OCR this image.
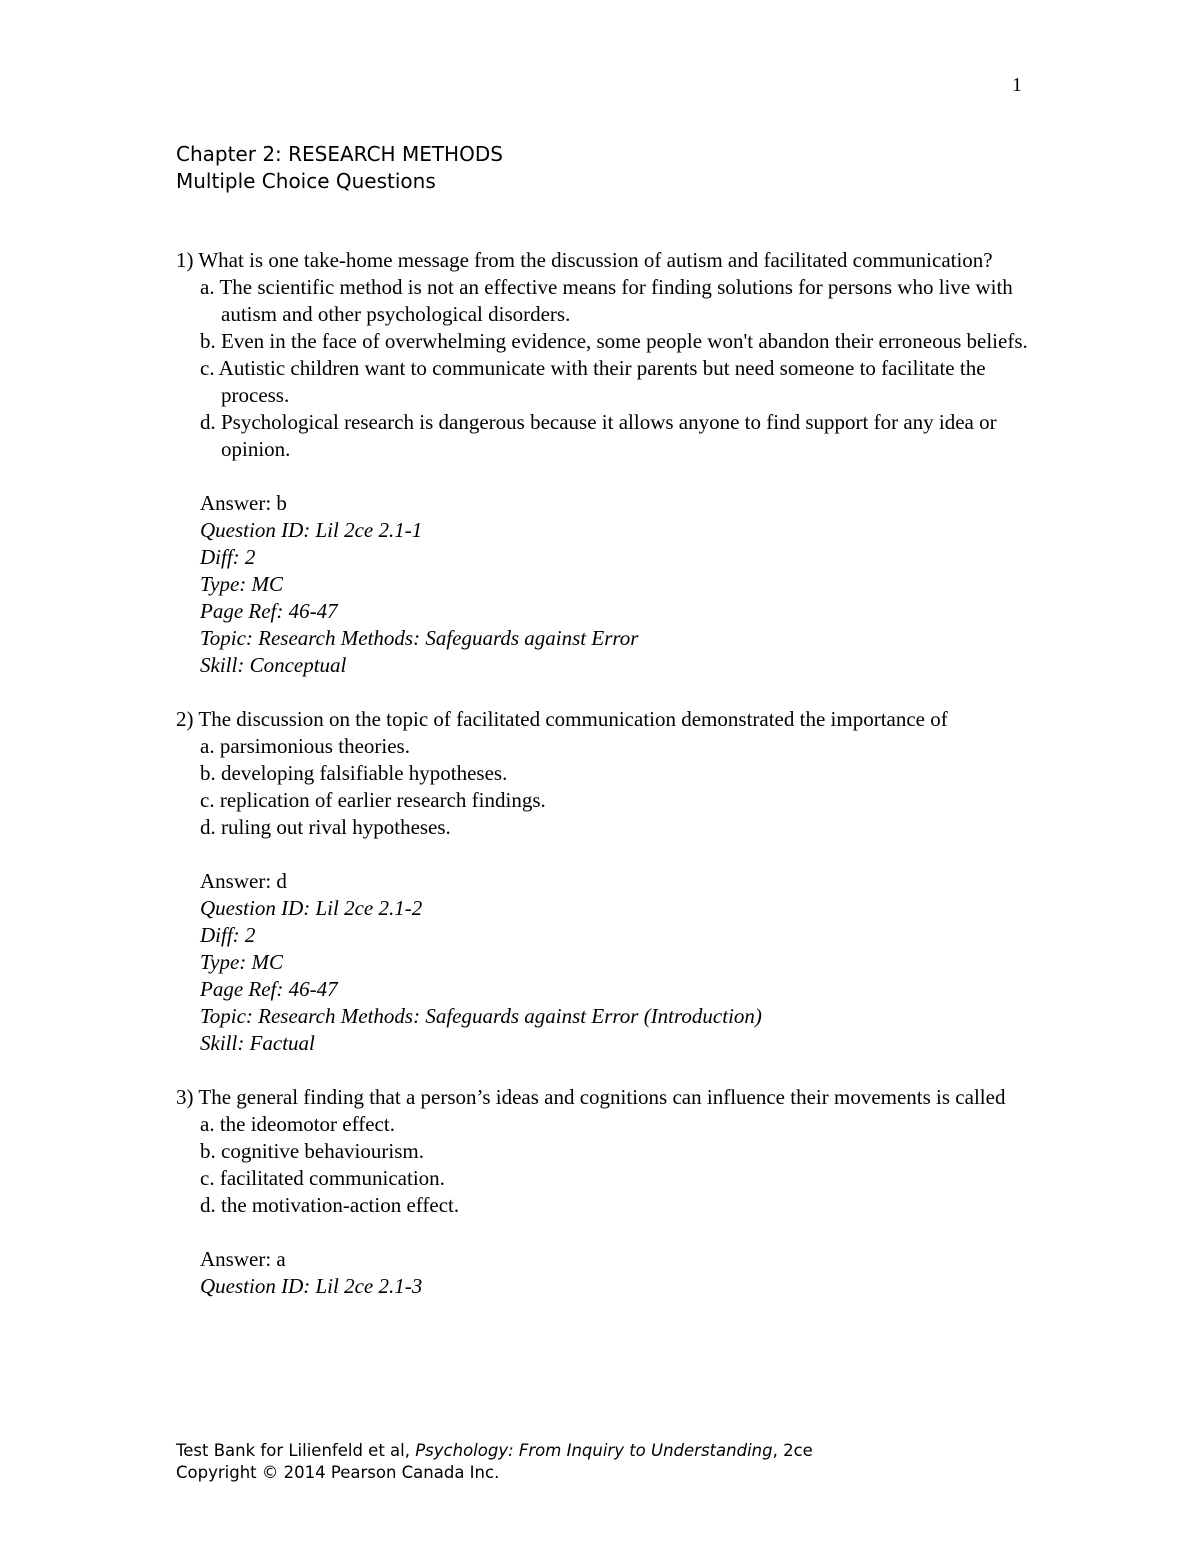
1
Chapter 2: RESEARCH METHODS
Multiple Choice Questions
1) What is one take-home message from the discussion of autism and facilitated communication?
a. The scientific method is not an effective means for finding solutions for persons who live with autism and other psychological disorders.
b. Even in the face of overwhelming evidence, some people won't abandon their erroneous beliefs.
c. Autistic children want to communicate with their parents but need someone to facilitate the process.
d. Psychological research is dangerous because it allows anyone to find support for any idea or opinion.
Answer: b
Question ID: Lil 2ce 2.1-1
Diff: 2
Type: MC
Page Ref: 46-47
Topic: Research Methods: Safeguards against Error
Skill: Conceptual
2) The discussion on the topic of facilitated communication demonstrated the importance of
a. parsimonious theories.
b. developing falsifiable hypotheses.
c. replication of earlier research findings.
d. ruling out rival hypotheses.
Answer: d
Question ID: Lil 2ce 2.1-2
Diff: 2
Type: MC
Page Ref: 46-47
Topic: Research Methods: Safeguards against Error (Introduction)
Skill: Factual
3) The general finding that a person’s ideas and cognitions can influence their movements is called
a. the ideomotor effect.
b. cognitive behaviourism.
c. facilitated communication.
d. the motivation-action effect.
Answer: a
Question ID: Lil 2ce 2.1-3
Test Bank for Lilienfeld et al, Psychology: From Inquiry to Understanding, 2ce
Copyright © 2014 Pearson Canada Inc.
